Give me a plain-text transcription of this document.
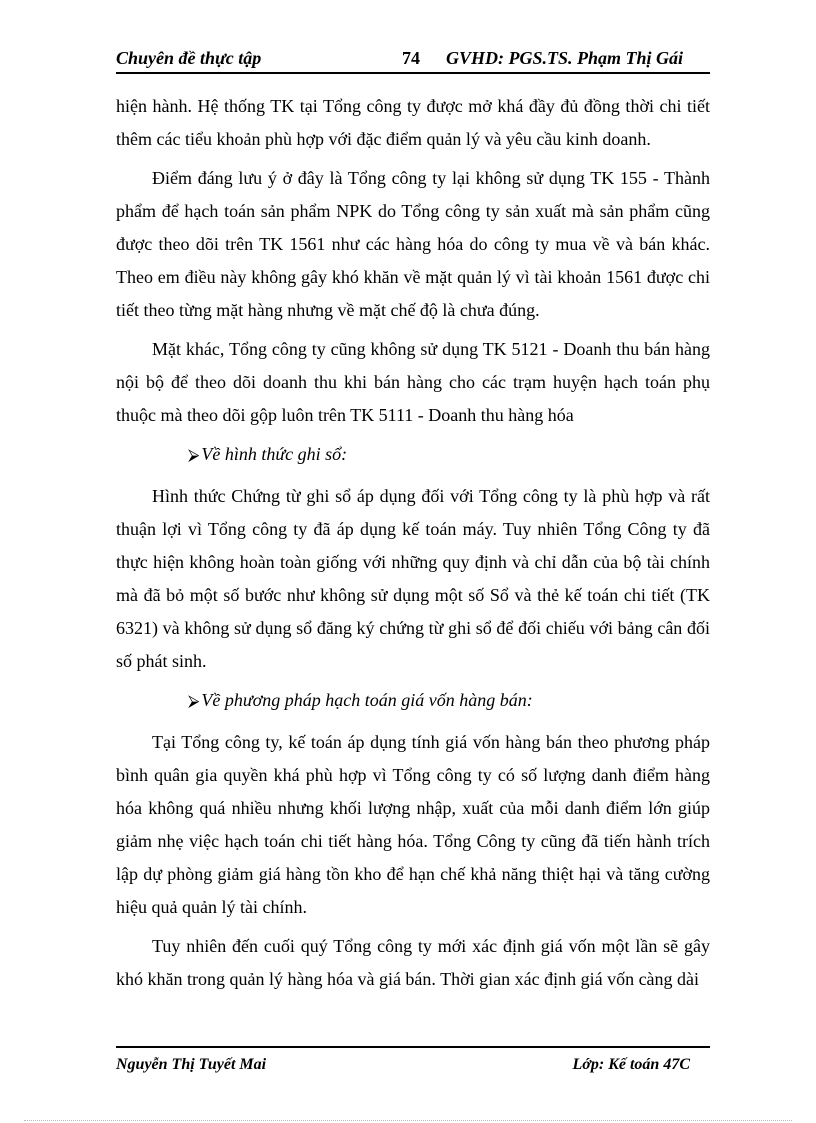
Chuyên đề thực tập	74 GVHD: PGS.TS. Phạm Thị Gái

hiện hành. Hệ thống TK tại Tổng công ty được mở khá đầy đủ đồng thời chi tiết thêm các tiểu khoản phù hợp với đặc điểm quản lý và yêu cầu kinh doanh.

Điểm đáng lưu ý ở đây là Tổng công ty lại không sử dụng TK 155 - Thành phẩm để hạch toán sản phẩm NPK do Tổng công ty sản xuất mà sản phẩm cũng được theo dõi trên TK 1561 như các hàng hóa do công ty mua về và bán khác. Theo em điều này không gây khó khăn về mặt quản lý vì tài khoản 1561 được chi tiết theo từng mặt hàng nhưng về mặt chế độ là chưa đúng.

Mặt khác, Tổng công ty cũng không sử dụng TK 5121 - Doanh thu bán hàng nội bộ để theo dõi doanh thu khi bán hàng cho các trạm huyện hạch toán phụ thuộc mà theo dõi gộp luôn trên TK 5111 - Doanh thu hàng hóa

⮚ Về hình thức ghi sổ:

Hình thức Chứng từ ghi sổ áp dụng đối với Tổng công ty là phù hợp và rất thuận lợi vì Tổng công ty đã áp dụng kế toán máy. Tuy nhiên Tổng Công ty đã thực hiện không hoàn toàn giống với những quy định và chỉ dẫn của bộ tài chính mà đã bỏ một số bước như không sử dụng một số Sổ và thẻ kế toán chi tiết (TK 6321) và không sử dụng sổ đăng ký chứng từ ghi sổ để đối chiếu với bảng cân đối số phát sinh.

⮚ Về phương pháp hạch toán giá vốn hàng bán:

Tại Tổng công ty, kế toán áp dụng tính giá vốn hàng bán theo phương pháp bình quân gia quyền khá phù hợp vì Tổng công ty có số lượng danh điểm hàng hóa không quá nhiều nhưng khối lượng nhập, xuất của mỗi danh điểm lớn giúp giảm nhẹ việc hạch toán chi tiết hàng hóa. Tổng Công ty cũng đã tiến hành trích lập dự phòng giảm giá hàng tồn kho để hạn chế khả năng thiệt hại và tăng cường hiệu quả quản lý tài chính.

Tuy nhiên đến cuối quý Tổng công ty mới xác định giá vốn một lần sẽ gây khó khăn trong quản lý hàng hóa và giá bán. Thời gian xác định giá vốn càng dài

Nguyễn Thị Tuyết Mai	Lớp: Kế toán 47C
